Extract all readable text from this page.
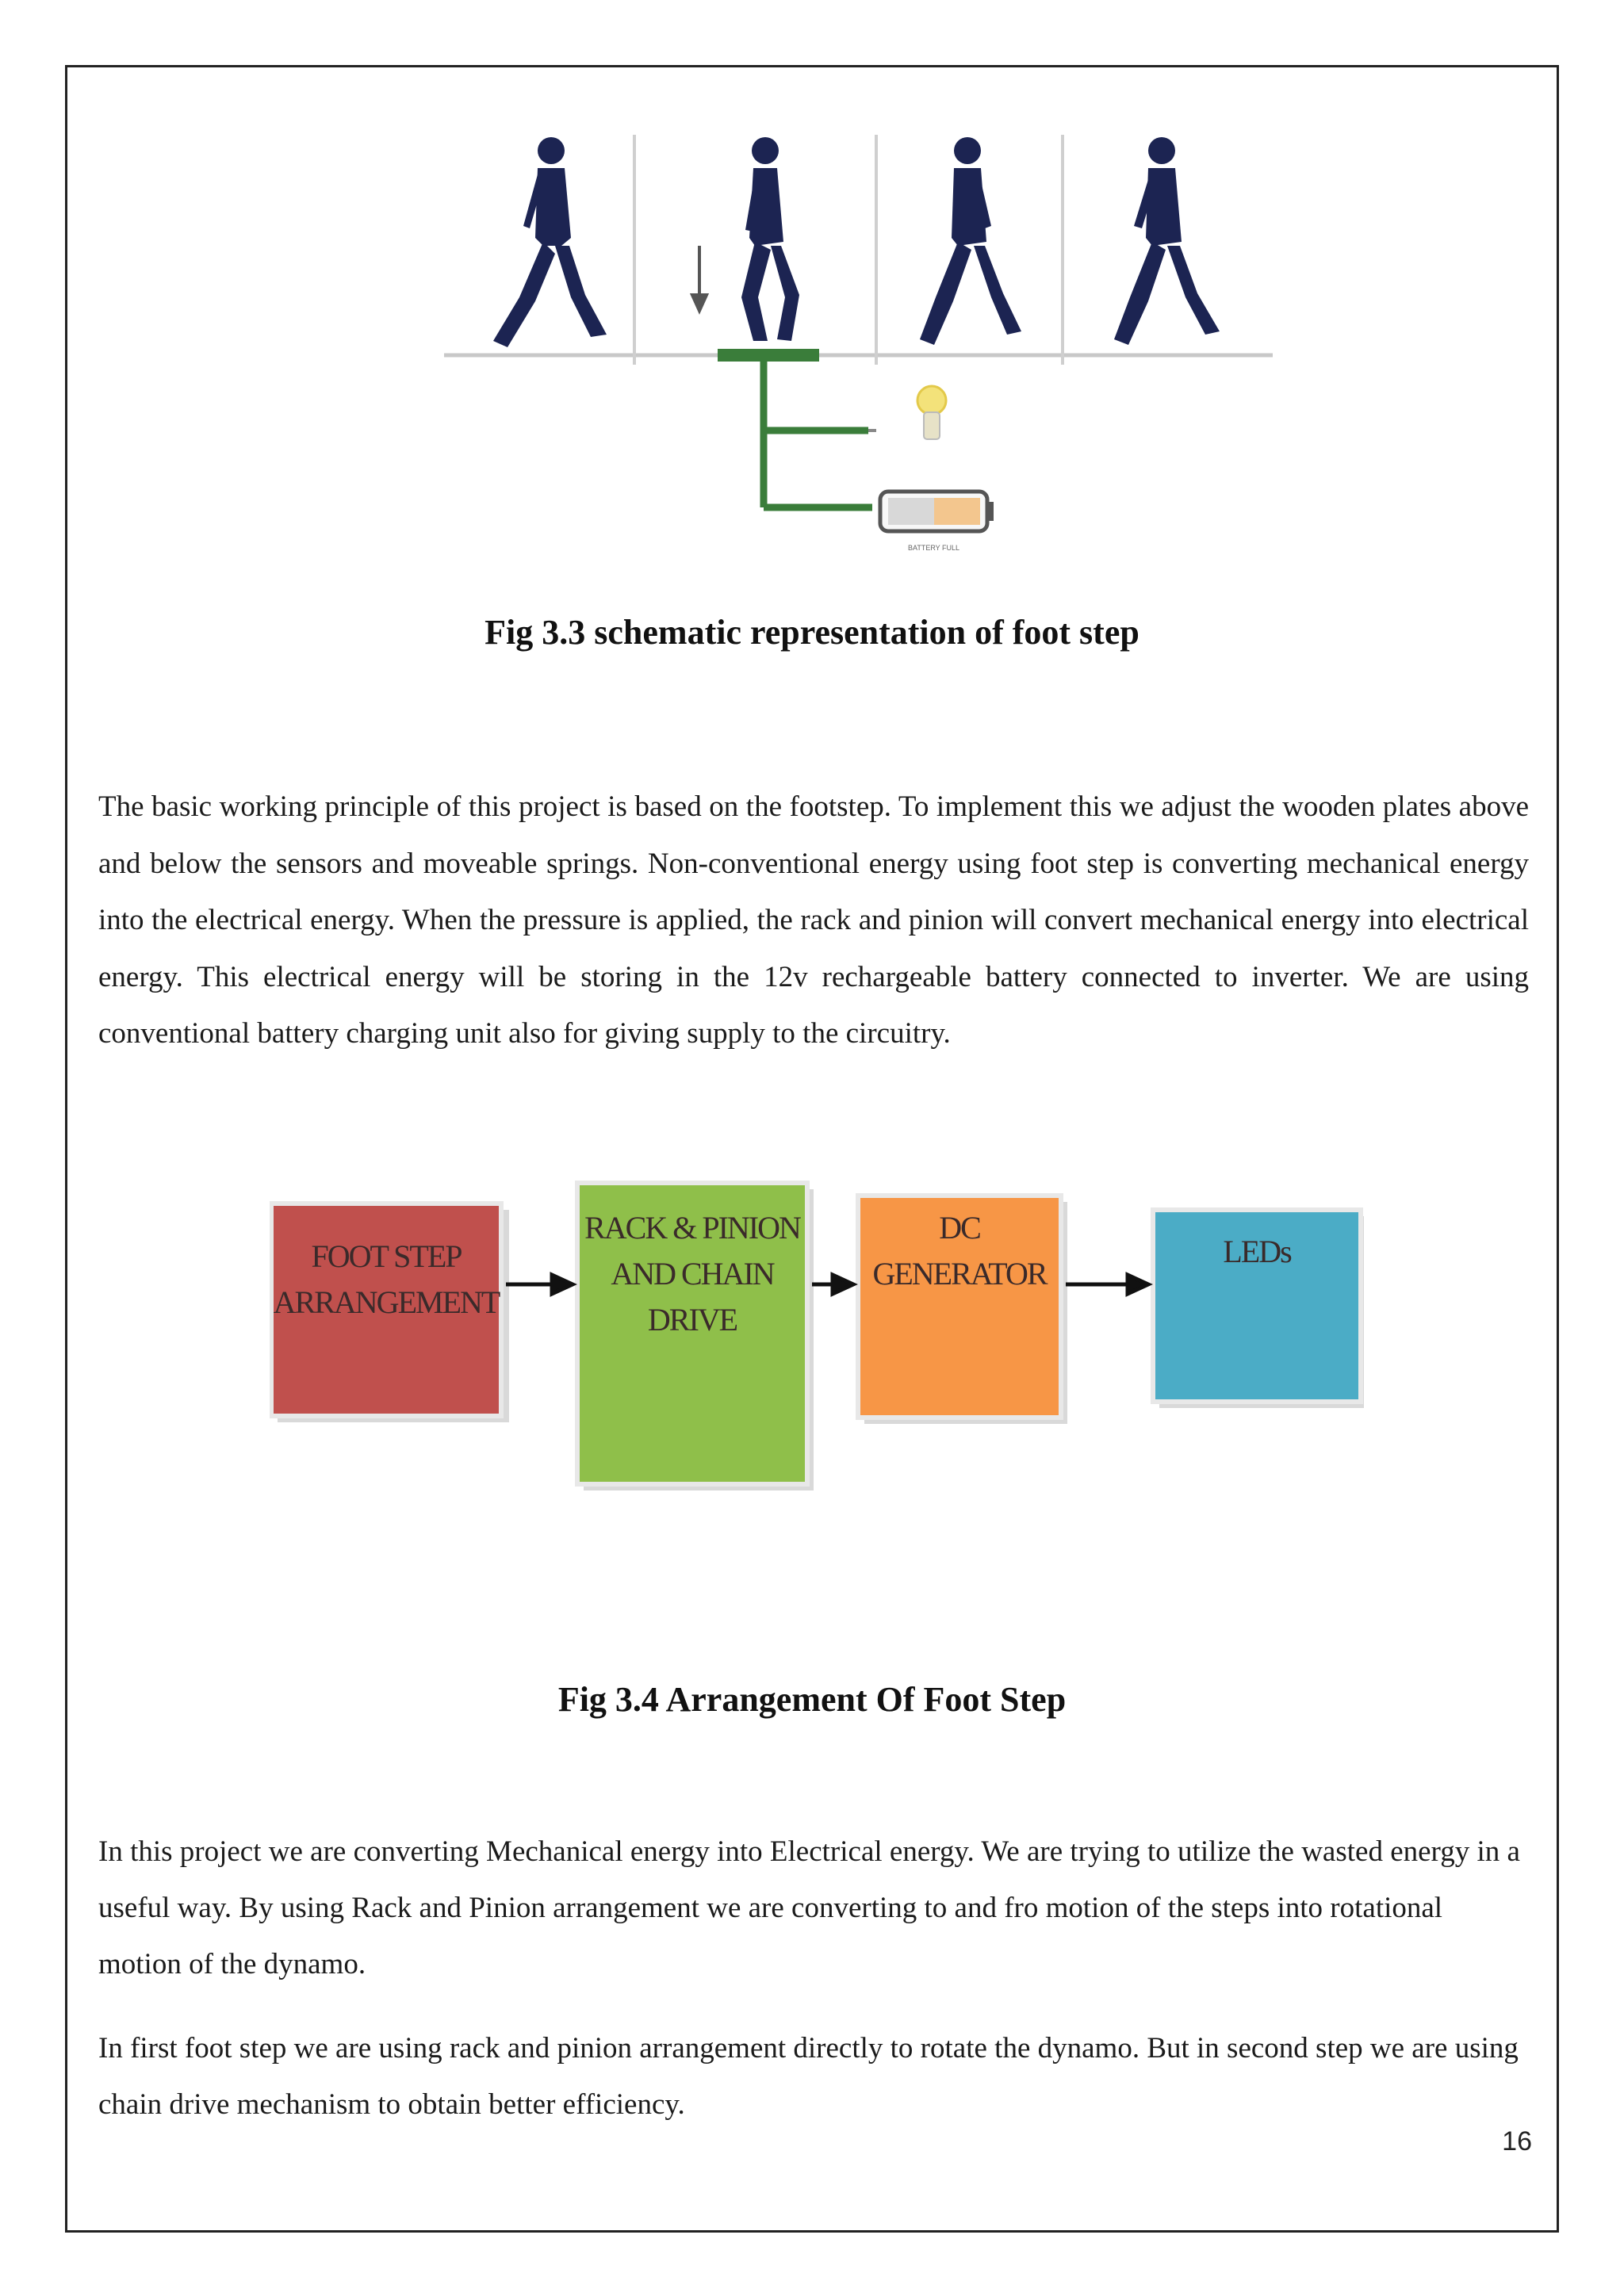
BATTERY FULL
Fig 3.3 schematic representation of foot step
The basic working principle of this project is based on the footstep. To implement this we adjust the wooden plates above and below the sensors and moveable springs. Non-conventional energy using foot step is converting mechanical energy into the electrical energy. When the pressure is applied, the rack and pinion will convert mechanical energy into electrical energy. This electrical energy will be storing in the 12v rechargeable battery connected to inverter. We are using conventional battery charging unit also for giving supply to the circuitry.
FOOT STEP
ARRANGEMENT
RACK & PINION
AND CHAIN
DRIVE
DC
GENERATOR
LEDs
Fig 3.4 Arrangement Of Foot Step
In this project we are converting Mechanical energy into Electrical energy. We are trying to utilize the wasted energy in a useful way. By using Rack and Pinion arrangement we are converting to and fro motion of the steps into rotational motion of the dynamo.
In first foot step we are using rack and pinion arrangement directly to rotate the dynamo. But in second step we are using chain drive mechanism to obtain better efficiency.
16
